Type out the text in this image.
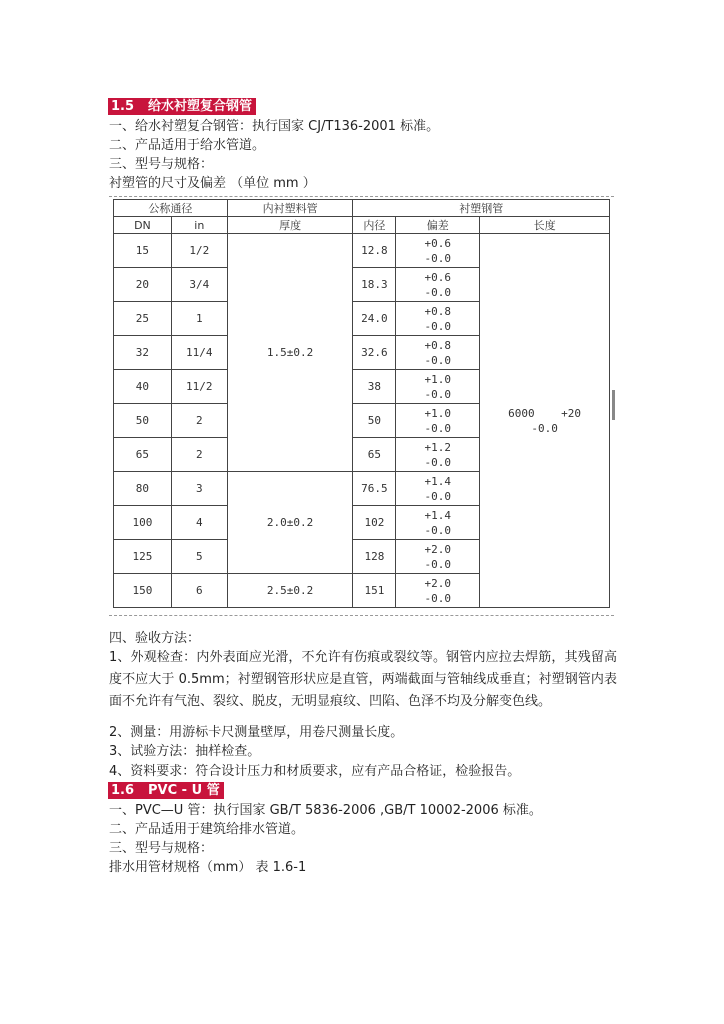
1.5 给水衬塑复合钢管
一、给水衬塑复合钢管：执行国家 CJ/T136-2001 标准。
二、产品适用于给水管道。
三、型号与规格：
衬塑管的尺寸及偏差 （单位 mm ）
公称通径		内衬塑料管	衬塑钢管		
DN	in	厚度	内径	偏差	长度
15	1/2	1.5±0.2	12.8	+0.6
-0.0	6000 +20
-0.0

20	3/4		18.3	+0.6
-0.0	

25	1		24.0	+0.8
-0.0	

32	11/4		32.6	+0.8
-0.0	

40	11/2		38	+1.0
-0.0	

50	2		50	+1.0
-0.0	

65	2		65	+1.2
-0.0	

80	3	2.0±0.2	76.5	+1.4
-0.0	

100	4		102	+1.4
-0.0	

125	5		128	+2.0
-0.0	

150	6	2.5±0.2	151	+2.0
-0.0	
四、验收方法：
1、外观检查：内外表面应光滑，不允许有伤痕或裂纹等。钢管内应拉去焊筋，其残留高度不应大于 0.5mm；衬塑钢管形状应是直管，两端截面与管轴线成垂直；衬塑钢管内表面不允许有气泡、裂纹、脱皮，无明显痕纹、凹陷、色泽不均及分解变色线。
2、测量：用游标卡尺测量壁厚，用卷尺测量长度。
3、试验方法：抽样检查。
4、资料要求：符合设计压力和材质要求，应有产品合格证，检验报告。
1.6 PVC - U 管
一、PVC—U 管：执行国家 GB/T 5836-2006 ,GB/T 10002-2006 标准。
二、产品适用于建筑给排水管道。
三、型号与规格：
排水用管材规格（mm） 表 1.6-1
